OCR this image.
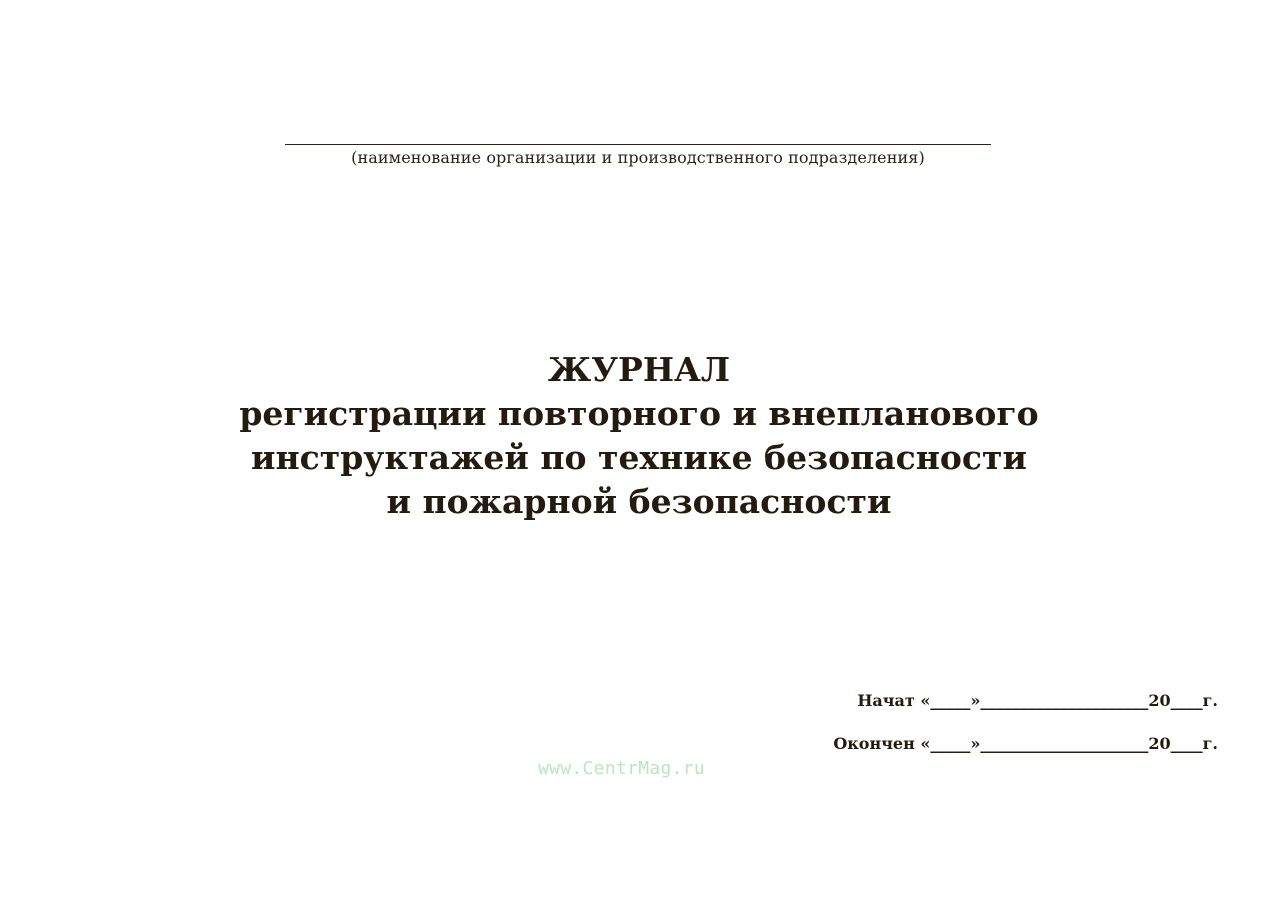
(наименование организации и производственного подразделения)

ЖУРНАЛ

регистрации повторного и внепланового

инструктажей по технике безопасности

и пожарной безопасности

Начат «_____»_____________________20____г.
Окончен «_____»_____________________20____г.
www.CentrMag.ru
